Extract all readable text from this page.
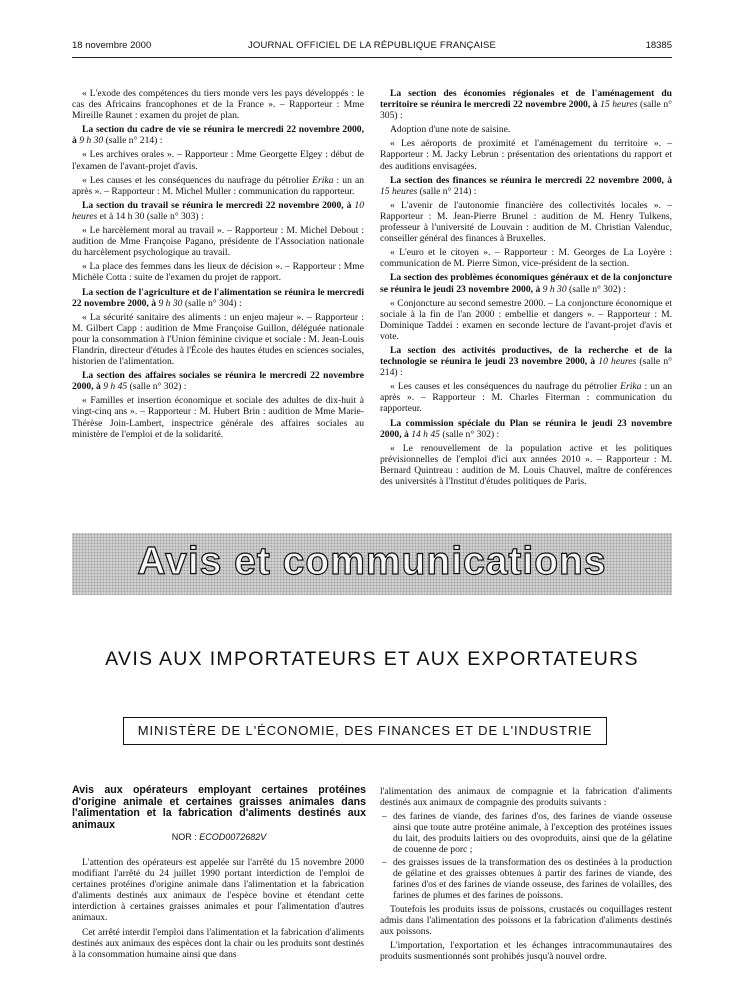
18 novembre 2000	JOURNAL OFFICIEL DE LA RÉPUBLIQUE FRANÇAISE	18385

« L'exode des compétences du tiers monde vers les pays développés : le cas des Africains francophones et de la France ». – Rapporteur : Mme Mireille Raunet : examen du projet de plan.

La section du cadre de vie se réunira le mercredi 22 novembre 2000, à 9 h 30 (salle n° 214) :

« Les archives orales ». – Rapporteur : Mme Georgette Elgey : début de l'examen de l'avant-projet d'avis.

« Les causes et les conséquences du naufrage du pétrolier Erika : un an après ». – Rapporteur : M. Michel Muller : communication du rapporteur.

La section du travail se réunira le mercredi 22 novembre 2000, à 10 heures et à 14 h 30 (salle n° 303) :

« Le harcèlement moral au travail ». – Rapporteur : M. Michel Debout : audition de Mme Françoise Pagano, présidente de l'Association nationale du harcèlement psychologique au travail.

« La place des femmes dans les lieux de décision ». – Rapporteur : Mme Michèle Cotta : suite de l'examen du projet de rapport.

La section de l'agriculture et de l'alimentation se réunira le mercredi 22 novembre 2000, à 9 h 30 (salle n° 304) :

« La sécurité sanitaire des aliments : un enjeu majeur ». – Rapporteur : M. Gilbert Capp : audition de Mme Françoise Guillon, déléguée nationale pour la consommation à l'Union féminine civique et sociale : M. Jean-Louis Flandrin, directeur d'études à l'École des hautes études en sciences sociales, historien de l'alimentation.

La section des affaires sociales se réunira le mercredi 22 novembre 2000, à 9 h 45 (salle n° 302) :

« Familles et insertion économique et sociale des adultes de dix-huit à vingt-cinq ans ». – Rapporteur : M. Hubert Brin : audition de Mme Marie-Thérèse Join-Lambert, inspectrice générale des affaires sociales au ministère de l'emploi et de la solidarité.

La section des économies régionales et de l'aménagement du territoire se réunira le mercredi 22 novembre 2000, à 15 heures (salle n° 305) :

Adoption d'une note de saisine.

« Les aéroports de proximité et l'aménagement du territoire ». – Rapporteur : M. Jacky Lebrun : présentation des orientations du rapport et des auditions envisagées.

La section des finances se réunira le mercredi 22 novembre 2000, à 15 heures (salle n° 214) :

« L'avenir de l'autonomie financière des collectivités locales ». – Rapporteur : M. Jean-Pierre Brunel : audition de M. Henry Tulkens, professeur à l'université de Louvain : audition de M. Christian Valenduc, conseiller général des finances à Bruxelles.

« L'euro et le citoyen ». – Rapporteur : M. Georges de La Loyère : communication de M. Pierre Simon, vice-président de la section.

La section des problèmes économiques généraux et de la conjoncture se réunira le jeudi 23 novembre 2000, à 9 h 30 (salle n° 302) :

« Conjoncture au second semestre 2000. – La conjoncture économique et sociale à la fin de l'an 2000 : embellie et dangers ». – Rapporteur : M. Dominique Taddei : examen en seconde lecture de l'avant-projet d'avis et vote.

La section des activités productives, de la recherche et de la technologie se réunira le jeudi 23 novembre 2000, à 10 heures (salle n° 214) :

« Les causes et les conséquences du naufrage du pétrolier Erika : un an après ». – Rapporteur : M. Charles Fiterman : communication du rapporteur.

La commission spéciale du Plan se réunira le jeudi 23 novembre 2000, à 14 h 45 (salle n° 302) :

« Le renouvellement de la population active et les politiques prévisionnelles de l'emploi d'ici aux années 2010 ». – Rapporteur : M. Bernard Quintreau : audition de M. Louis Chauvel, maître de conférences des universités à l'Institut d'études politiques de Paris.

Avis et communications
AVIS AUX IMPORTATEURS ET AUX EXPORTATEURS
MINISTÈRE DE L'ÉCONOMIE, DES FINANCES ET DE L'INDUSTRIE
Avis aux opérateurs employant certaines protéines d'origine animale et certaines graisses animales dans l'alimentation et la fabrication d'aliments destinés aux animaux
NOR : ECOD0072682V

L'attention des opérateurs est appelée sur l'arrêté du 15 novembre 2000 modifiant l'arrêté du 24 juillet 1990 portant interdiction de l'emploi de certaines protéines d'origine animale dans l'alimentation et la fabrication d'aliments destinés aux animaux de l'espèce bovine et étendant cette interdiction à certaines graisses animales et pour l'alimentation d'autres animaux.

Cet arrêté interdit l'emploi dans l'alimentation et la fabrication d'aliments destinés aux animaux des espèces dont la chair ou les produits sont destinés à la consommation humaine ainsi que dans

l'alimentation des animaux de compagnie et la fabrication d'aliments destinés aux animaux de compagnie des produits suivants :

– des farines de viande, des farines d'os, des farines de viande osseuse ainsi que toute autre protéine animale, à l'exception des protéines issues du lait, des produits laitiers ou des ovoproduits, ainsi que de la gélatine de couenne de porc ;
– des graisses issues de la transformation des os destinées à la production de gélatine et des graisses obtenues à partir des farines de viande, des farines d'os et des farines de viande osseuse, des farines de volailles, des farines de plumes et des farines de poissons.

Toutefois les produits issus de poissons, crustacés ou coquillages restent admis dans l'alimentation des poissons et la fabrication d'aliments destinés aux poissons.

L'importation, l'exportation et les échanges intracommunautaires des produits susmentionnés sont prohibés jusqu'à nouvel ordre.
